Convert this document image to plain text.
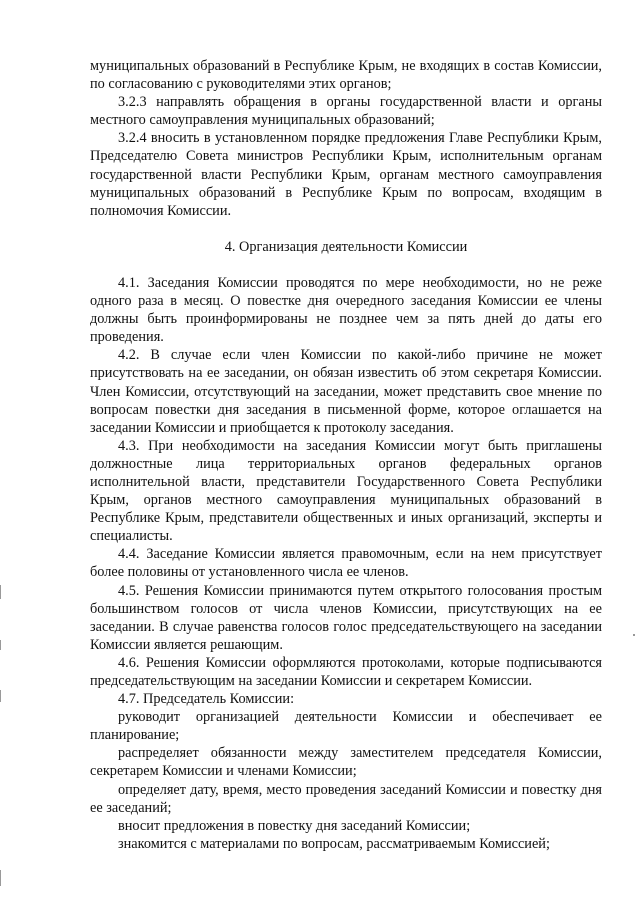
муниципальных образований в Республике Крым, не входящих в состав Комиссии, по согласованию с руководителями этих органов;

3.2.3 направлять обращения в органы государственной власти и органы местного самоуправления муниципальных образований;

3.2.4 вносить в установленном порядке предложения Главе Республики Крым, Председателю Совета министров Республики Крым, исполнительным органам государственной власти Республики Крым, органам местного самоуправления муниципальных образований в Республике Крым по вопросам, входящим в полномочия Комиссии.

4. Организация деятельности Комиссии

4.1. Заседания Комиссии проводятся по мере необходимости, но не реже одного раза в месяц. О повестке дня очередного заседания Комиссии ее члены должны быть проинформированы не позднее чем за пять дней до даты его проведения.

4.2. В случае если член Комиссии по какой-либо причине не может присутствовать на ее заседании, он обязан известить об этом секретаря Комиссии. Член Комиссии, отсутствующий на заседании, может представить свое мнение по вопросам повестки дня заседания в письменной форме, которое оглашается на заседании Комиссии и приобщается к протоколу заседания.

4.3. При необходимости на заседания Комиссии могут быть приглашены должностные лица территориальных органов федеральных органов исполнительной власти, представители Государственного Совета Республики Крым, органов местного самоуправления муниципальных образований в Республике Крым, представители общественных и иных организаций, эксперты и специалисты.

4.4. Заседание Комиссии является правомочным, если на нем присутствует более половины от установленного числа ее членов.

4.5. Решения Комиссии принимаются путем открытого голосования простым большинством голосов от числа членов Комиссии, присутствующих на ее заседании. В случае равенства голосов голос председательствующего на заседании Комиссии является решающим.

4.6. Решения Комиссии оформляются протоколами, которые подписываются председательствующим на заседании Комиссии и секретарем Комиссии.

4.7. Председатель Комиссии:

руководит организацией деятельности Комиссии и обеспечивает ее планирование;

распределяет обязанности между заместителем председателя Комиссии, секретарем Комиссии и членами Комиссии;

определяет дату, время, место проведения заседаний Комиссии и повестку дня ее заседаний;

вносит предложения в повестку дня заседаний Комиссии;

знакомится с материалами по вопросам, рассматриваемым Комиссией;
